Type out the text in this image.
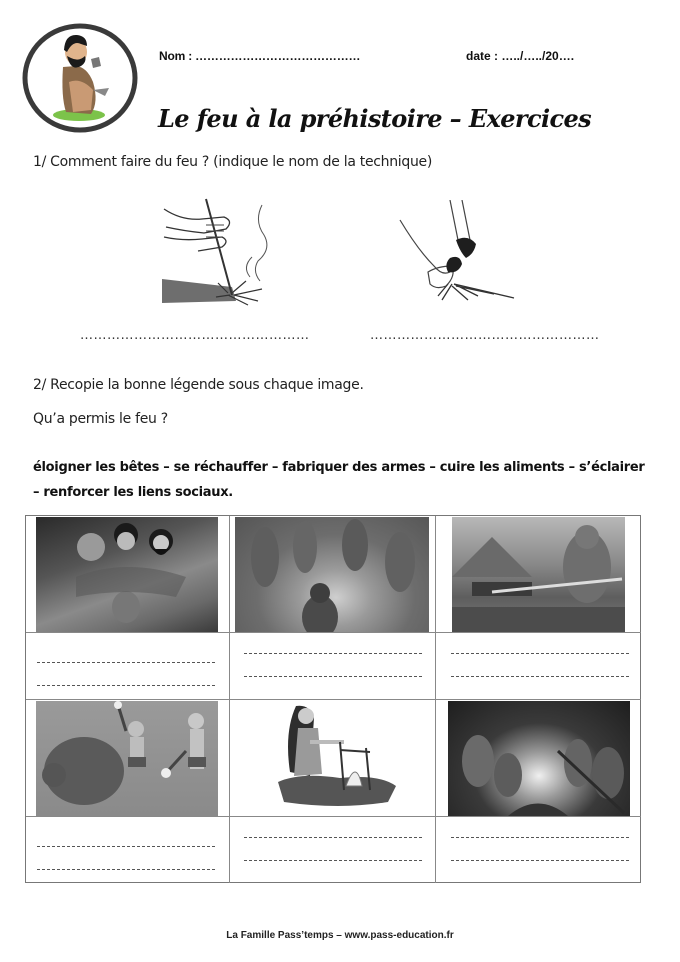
Nom : ……………………………………	date : …../…../20….
Le feu à la préhistoire – Exercices
1/ Comment faire du feu ? (indique le nom de la technique)
……………………………………………	……………………………………………
2/ Recopie la bonne légende sous chaque image.
Qu’a permis le feu ?
éloigner les bêtes – se réchauffer – fabriquer des armes – cuire les aliments – s’éclairer – renforcer les liens sociaux.
La Famille Pass’temps – www.pass-education.fr
